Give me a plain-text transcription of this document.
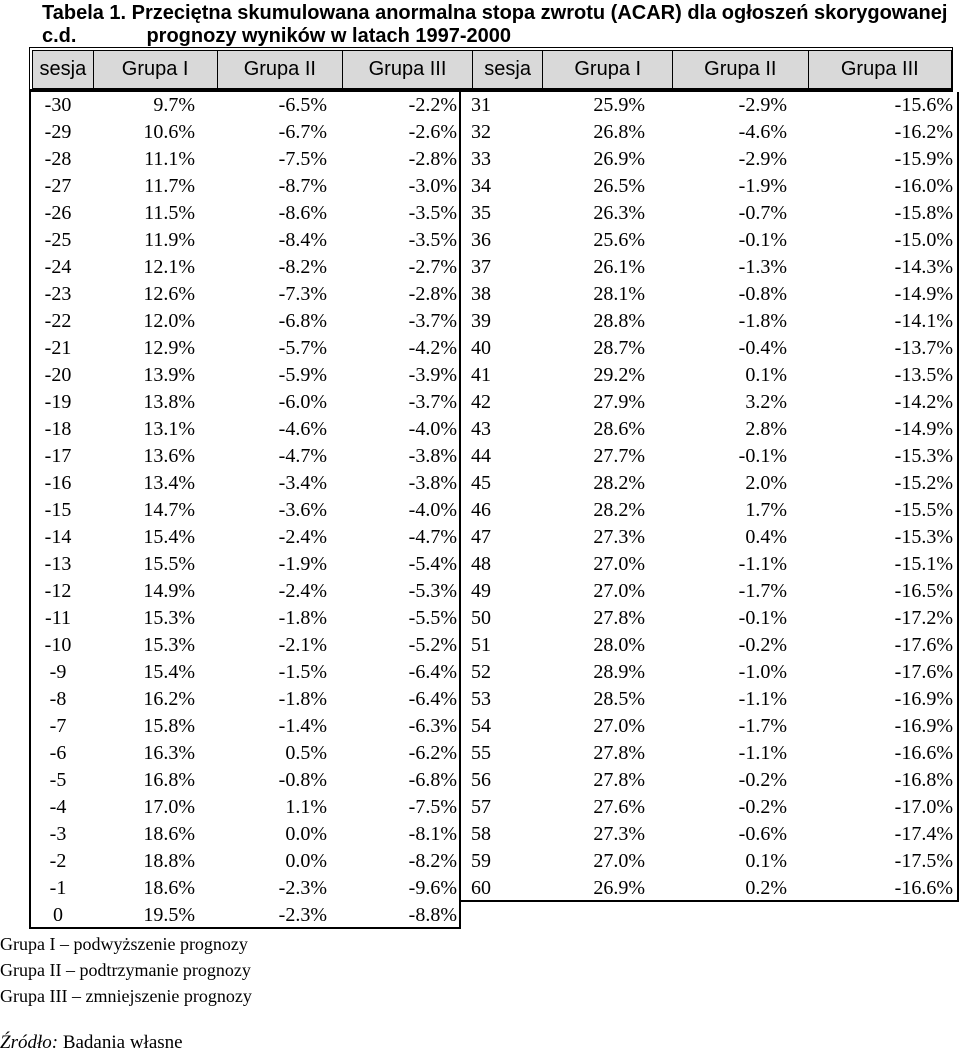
Tabela 1. Przeciętna skumulowana anormalna stopa zwrotu (ACAR) dla ogłoszeń skorygowanej
c.d.	prognozy wyników w latach 1997-2000
sesja	Grupa I	Grupa II	Grupa III	sesja	Grupa I	Grupa II	Grupa III
-30	9.7%	-6.5%	-2.2% 31	25.9%	-2.9%	-15.6%
-29	10.6%	-6.7%	-2.6% 32	26.8%	-4.6%	-16.2%
-28	11.1%	-7.5%	-2.8% 33	26.9%	-2.9%	-15.9%
-27	11.7%	-8.7%	-3.0% 34	26.5%	-1.9%	-16.0%
-26	11.5%	-8.6%	-3.5% 35	26.3%	-0.7%	-15.8%
-25	11.9%	-8.4%	-3.5% 36	25.6%	-0.1%	-15.0%
-24	12.1%	-8.2%	-2.7% 37	26.1%	-1.3%	-14.3%
-23	12.6%	-7.3%	-2.8% 38	28.1%	-0.8%	-14.9%
-22	12.0%	-6.8%	-3.7% 39	28.8%	-1.8%	-14.1%
-21	12.9%	-5.7%	-4.2% 40	28.7%	-0.4%	-13.7%
-20	13.9%	-5.9%	-3.9% 41	29.2%	0.1%	-13.5%
-19	13.8%	-6.0%	-3.7% 42	27.9%	3.2%	-14.2%
-18	13.1%	-4.6%	-4.0% 43	28.6%	2.8%	-14.9%
-17	13.6%	-4.7%	-3.8% 44	27.7%	-0.1%	-15.3%
-16	13.4%	-3.4%	-3.8% 45	28.2%	2.0%	-15.2%
-15	14.7%	-3.6%	-4.0% 46	28.2%	1.7%	-15.5%
-14	15.4%	-2.4%	-4.7% 47	27.3%	0.4%	-15.3%
-13	15.5%	-1.9%	-5.4% 48	27.0%	-1.1%	-15.1%
-12	14.9%	-2.4%	-5.3% 49	27.0%	-1.7%	-16.5%
-11	15.3%	-1.8%	-5.5% 50	27.8%	-0.1%	-17.2%
-10	15.3%	-2.1%	-5.2% 51	28.0%	-0.2%	-17.6%
-9	15.4%	-1.5%	-6.4% 52	28.9%	-1.0%	-17.6%
-8	16.2%	-1.8%	-6.4% 53	28.5%	-1.1%	-16.9%
-7	15.8%	-1.4%	-6.3% 54	27.0%	-1.7%	-16.9%
-6	16.3%	0.5%	-6.2% 55	27.8%	-1.1%	-16.6%
-5	16.8%	-0.8%	-6.8% 56	27.8%	-0.2%	-16.8%
-4	17.0%	1.1%	-7.5% 57	27.6%	-0.2%	-17.0%
-3	18.6%	0.0%	-8.1% 58	27.3%	-0.6%	-17.4%
-2	18.8%	0.0%	-8.2% 59	27.0%	0.1%	-17.5%
-1	18.6%	-2.3%	-9.6% 60	26.9%	0.2%	-16.6%
0	19.5%	-2.3%	-8.8%
Grupa I – podwyższenie prognozy
Grupa II – podtrzymanie prognozy
Grupa III – zmniejszenie prognozy
Źródło: Badania własne
